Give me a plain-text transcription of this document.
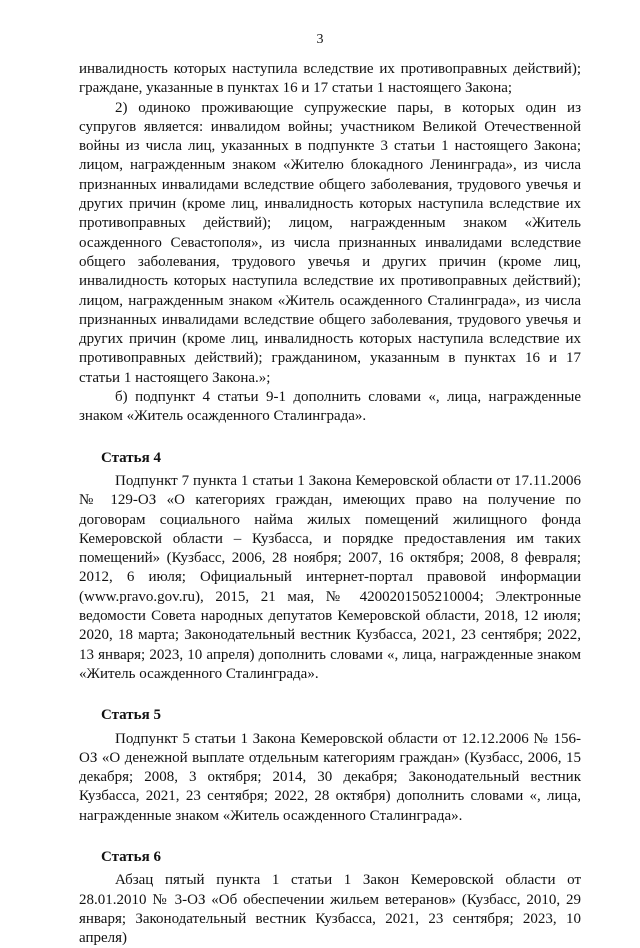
3

инвалидность которых наступила вследствие их противоправных действий); граждане, указанные в пунктах 16 и 17 статьи 1 настоящего Закона;

2) одиноко проживающие супружеские пары, в которых один из супругов является: инвалидом войны; участником Великой Отечественной войны из числа лиц, указанных в подпункте 3 статьи 1 настоящего Закона; лицом, награжденным знаком «Жителю блокадного Ленинграда», из числа признанных инвалидами вследствие общего заболевания, трудового увечья и других причин (кроме лиц, инвалидность которых наступила вследствие их противоправных действий); лицом, награжденным знаком «Житель осажденного Севастополя», из числа признанных инвалидами вследствие общего заболевания, трудового увечья и других причин (кроме лиц, инвалидность которых наступила вследствие их противоправных действий); лицом, награжденным знаком «Житель осажденного Сталинграда», из числа признанных инвалидами вследствие общего заболевания, трудового увечья и других причин (кроме лиц, инвалидность которых наступила вследствие их противоправных действий); гражданином, указанным в пунктах 16 и 17 статьи 1 настоящего Закона.»;

б) подпункт 4 статьи 9-1 дополнить словами «, лица, награжденные знаком «Житель осажденного Сталинграда».

Статья 4

Подпункт 7 пункта 1 статьи 1 Закона Кемеровской области от 17.11.2006 № 129-ОЗ «О категориях граждан, имеющих право на получение по договорам социального найма жилых помещений жилищного фонда Кемеровской области – Кузбасса, и порядке предоставления им таких помещений» (Кузбасс, 2006, 28 ноября; 2007, 16 октября; 2008, 8 февраля; 2012, 6 июля; Официальный интернет-портал правовой информации (www.pravo.gov.ru), 2015, 21 мая, № 4200201505210004; Электронные ведомости Совета народных депутатов Кемеровской области, 2018, 12 июля; 2020, 18 марта; Законодательный вестник Кузбасса, 2021, 23 сентября; 2022, 13 января; 2023, 10 апреля) дополнить словами «, лица, награжденные знаком «Житель осажденного Сталинграда».

Статья 5

Подпункт 5 статьи 1 Закона Кемеровской области от 12.12.2006 № 156-ОЗ «О денежной выплате отдельным категориям граждан» (Кузбасс, 2006, 15 декабря; 2008, 3 октября; 2014, 30 декабря; Законодательный вестник Кузбасса, 2021, 23 сентября; 2022, 28 октября) дополнить словами «, лица, награжденные знаком «Житель осажденного Сталинграда».

Статья 6

Абзац пятый пункта 1 статьи 1 Закон Кемеровской области от 28.01.2010 № 3-ОЗ «Об обеспечении жильем ветеранов» (Кузбасс, 2010, 29 января; Законодательный вестник Кузбасса, 2021, 23 сентября; 2023, 10 апреля)
